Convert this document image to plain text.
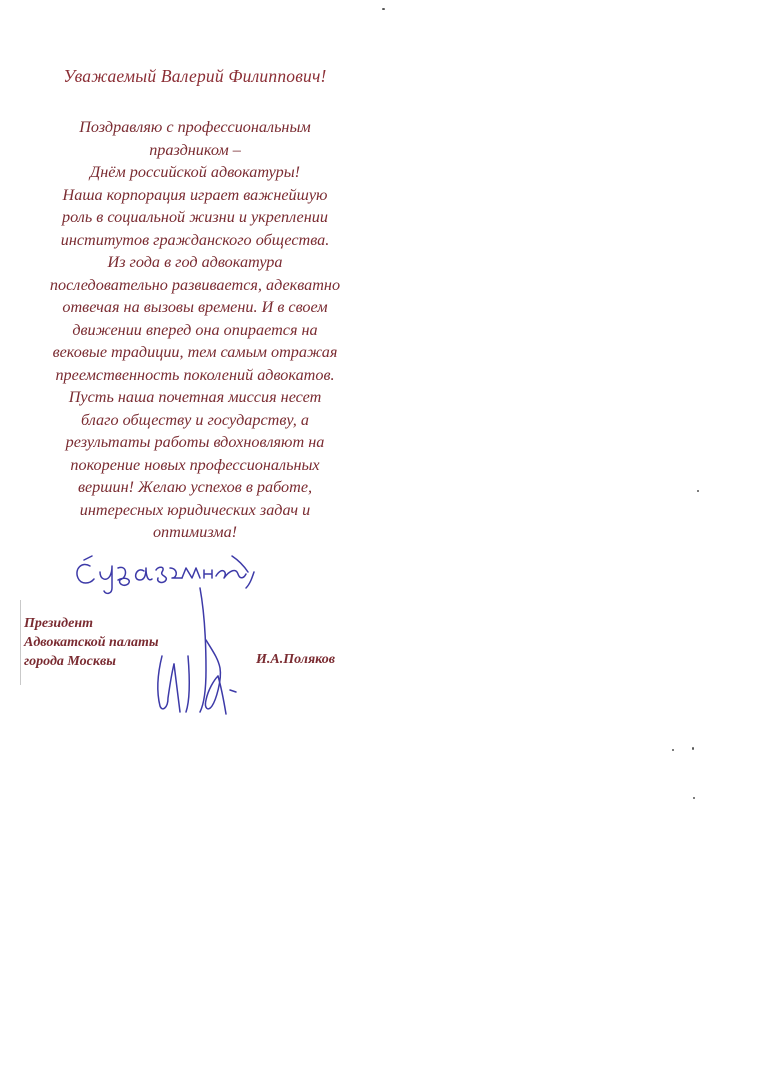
Уважаемый Валерий Филиппович!
Поздравляю с профессиональным
праздником –
Днём российской адвокатуры!
Наша корпорация играет важнейшую
роль в социальной жизни и укреплении
институтов гражданского общества.
Из года в год адвокатура
последовательно развивается, адекватно
отвечая на вызовы времени. И в своем
движении вперед она опирается на
вековые традиции, тем самым отражая
преемственность поколений адвокатов.
Пусть наша почетная миссия несет
благо обществу и государству, а
результаты работы вдохновляют на
покорение новых профессиональных
вершин! Желаю успехов в работе,
интересных юридических задач и
оптимизма!
Президент
Адвокатской палаты
города Москвы	И.А.Поляков
